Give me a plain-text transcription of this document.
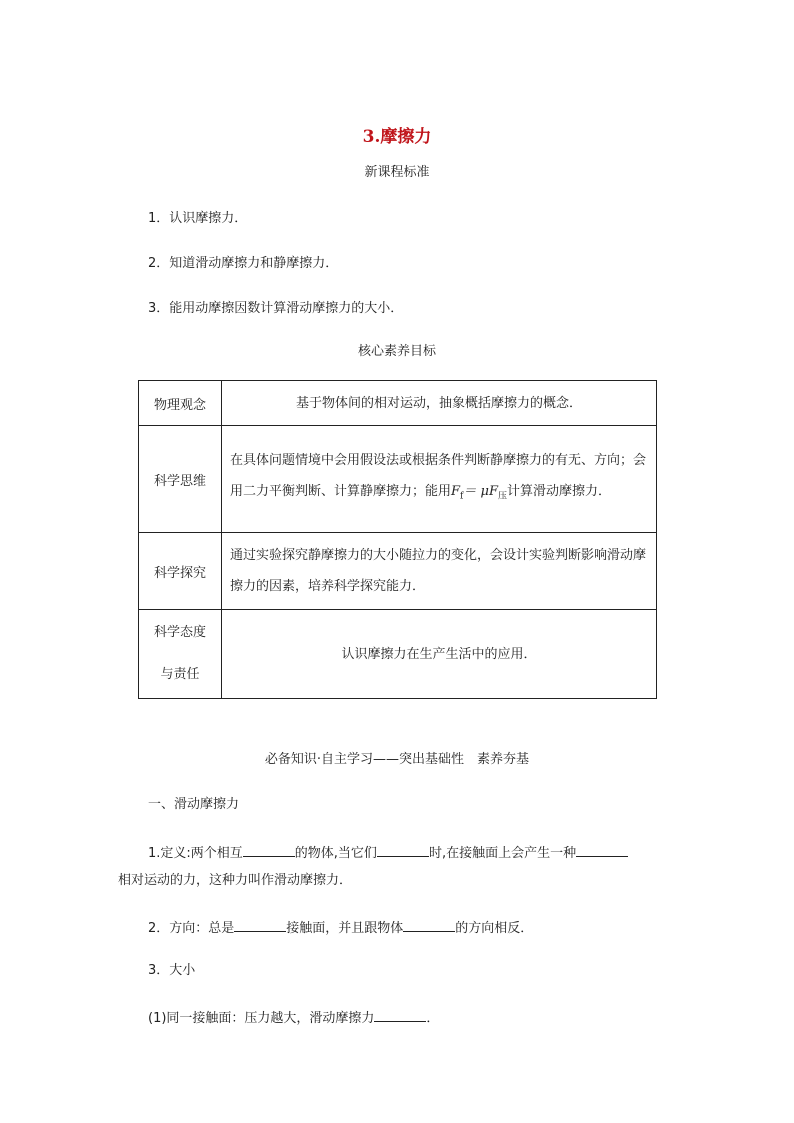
3.摩擦力
新课程标准
1．认识摩擦力．
2．知道滑动摩擦力和静摩擦力．
3．能用动摩擦因数计算滑动摩擦力的大小．
核心素养目标
物理观念	基于物体间的相对运动，抽象概括摩擦力的概念．
科学思维	在具体问题情境中会用假设法或根据条件判断静摩擦力的有无、方向；会用二力平衡判断、计算静摩擦力；能用$F_f= \mu F_压$计算滑动摩擦力．
科学探究	通过实验探究静摩擦力的大小随拉力的变化，会设计实验判断影响滑动摩擦力的因素，培养科学探究能力．
科学态度
与责任	认识摩擦力在生产生活中的应用．
必备知识·自主学习——突出基础性　素养夯基
一、滑动摩擦力
1.定义:两个相互	的物体,当它们	时,在接触面上会产生一种
相对运动的力，这种力叫作滑动摩擦力．
2．方向：总是	接触面，并且跟物体	的方向相反．
3．大小
(1)同一接触面：压力越大，滑动摩擦力	．
